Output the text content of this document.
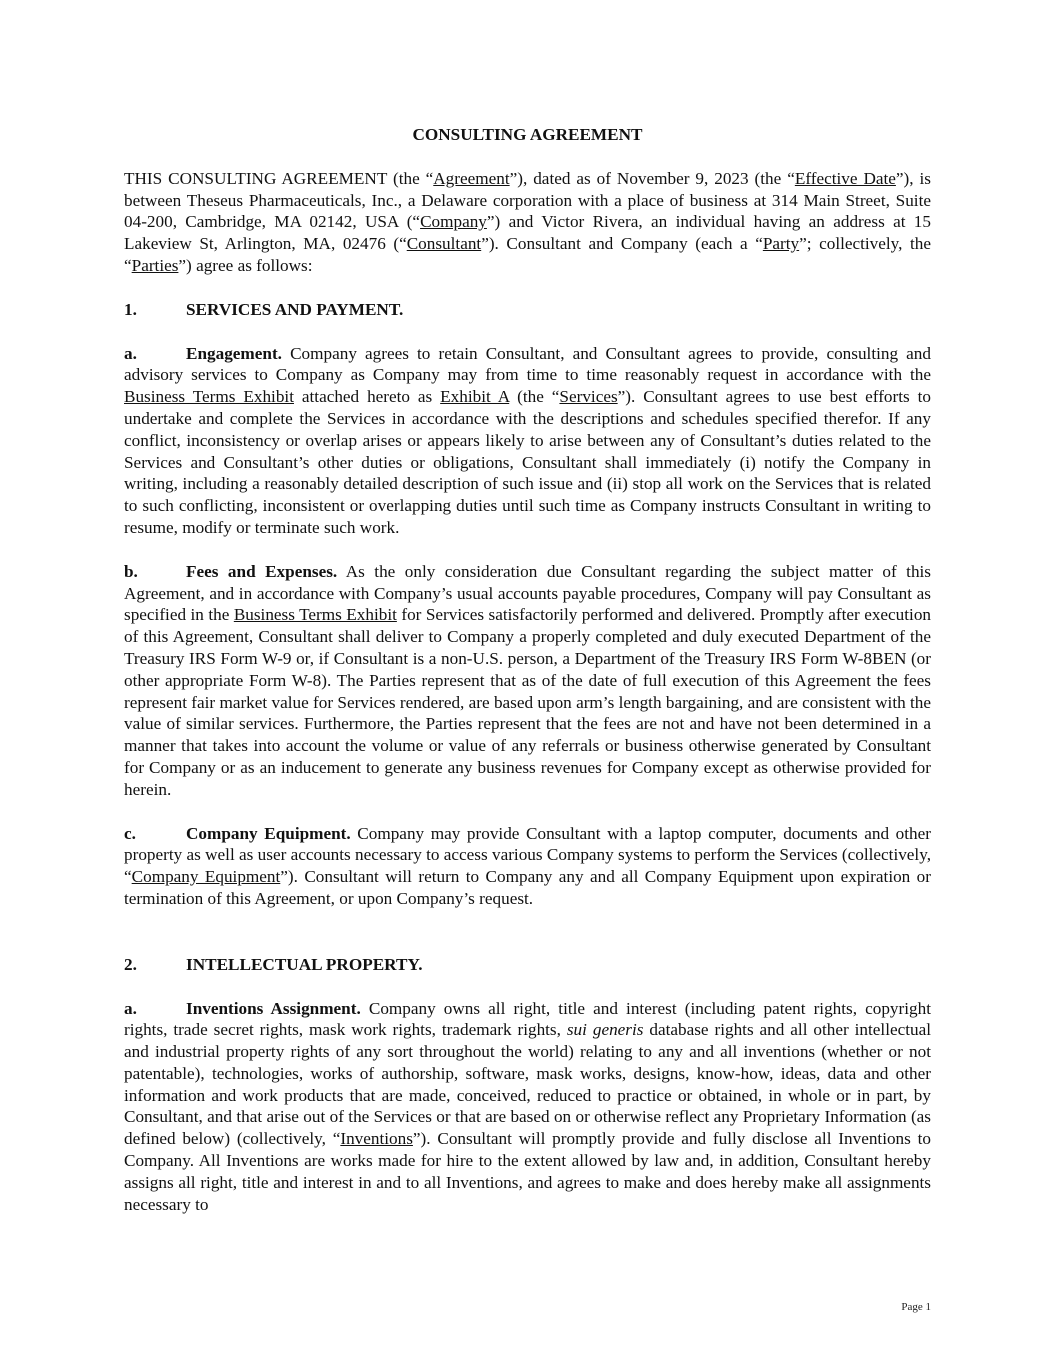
CONSULTING AGREEMENT

THIS CONSULTING AGREEMENT (the “Agreement”), dated as of November 9, 2023 (the “Effective Date”), is between Theseus Pharmaceuticals, Inc., a Delaware corporation with a place of business at 314 Main Street, Suite 04-200, Cambridge, MA 02142, USA (“Company”) and Victor Rivera, an individual having an address at 15 Lakeview St, Arlington, MA, 02476 (“Consultant”). Consultant and Company (each a “Party”; collectively, the “Parties”) agree as follows:

1.	SERVICES AND PAYMENT.

a.	Engagement. Company agrees to retain Consultant, and Consultant agrees to provide, consulting and advisory services to Company as Company may from time to time reasonably request in accordance with the Business Terms Exhibit attached hereto as Exhibit A (the “Services”). Consultant agrees to use best efforts to undertake and complete the Services in accordance with the descriptions and schedules specified therefor. If any conflict, inconsistency or overlap arises or appears likely to arise between any of Consultant’s duties related to the Services and Consultant’s other duties or obligations, Consultant shall immediately (i) notify the Company in writing, including a reasonably detailed description of such issue and (ii) stop all work on the Services that is related to such conflicting, inconsistent or overlapping duties until such time as Company instructs Consultant in writing to resume, modify or terminate such work.

b.	Fees and Expenses. As the only consideration due Consultant regarding the subject matter of this Agreement, and in accordance with Company’s usual accounts payable procedures, Company will pay Consultant as specified in the Business Terms Exhibit for Services satisfactorily performed and delivered. Promptly after execution of this Agreement, Consultant shall deliver to Company a properly completed and duly executed Department of the Treasury IRS Form W-9 or, if Consultant is a non-U.S. person, a Department of the Treasury IRS Form W-8BEN (or other appropriate Form W-8). The Parties represent that as of the date of full execution of this Agreement the fees represent fair market value for Services rendered, are based upon arm’s length bargaining, and are consistent with the value of similar services. Furthermore, the Parties represent that the fees are not and have not been determined in a manner that takes into account the volume or value of any referrals or business otherwise generated by Consultant for Company or as an inducement to generate any business revenues for Company except as otherwise provided for herein.

c.	Company Equipment. Company may provide Consultant with a laptop computer, documents and other property as well as user accounts necessary to access various Company systems to perform the Services (collectively, “Company Equipment”). Consultant will return to Company any and all Company Equipment upon expiration or termination of this Agreement, or upon Company’s request.

2.	INTELLECTUAL PROPERTY.

a.	Inventions Assignment. Company owns all right, title and interest (including patent rights, copyright rights, trade secret rights, mask work rights, trademark rights, sui generis database rights and all other intellectual and industrial property rights of any sort throughout the world) relating to any and all inventions (whether or not patentable), technologies, works of authorship, software, mask works, designs, know-how, ideas, data and other information and work products that are made, conceived, reduced to practice or obtained, in whole or in part, by Consultant, and that arise out of the Services or that are based on or otherwise reflect any Proprietary Information (as defined below) (collectively, “Inventions”). Consultant will promptly provide and fully disclose all Inventions to Company. All Inventions are works made for hire to the extent allowed by law and, in addition, Consultant hereby assigns all right, title and interest in and to all Inventions, and agrees to make and does hereby make all assignments necessary to

Page 1
